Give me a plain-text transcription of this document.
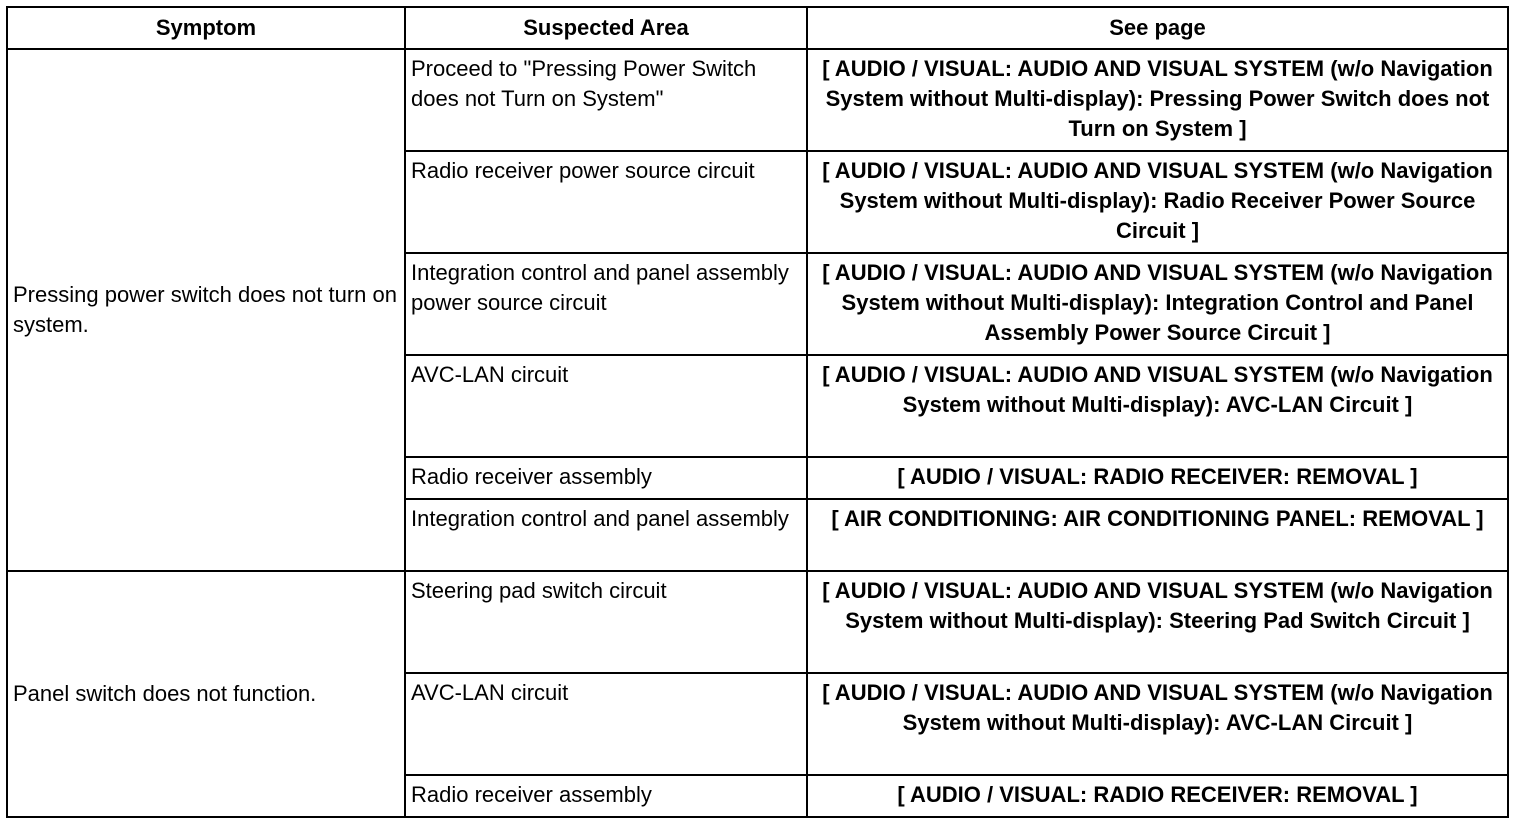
Symptom	Suspected Area	See page
Pressing power switch does not turn on system.	Proceed to "Pressing Power Switch does not Turn on System"	[ AUDIO / VISUAL: AUDIO AND VISUAL SYSTEM (w/o Navigation System without Multi-display): Pressing Power Switch does not Turn on System ]
	Radio receiver power source circuit	[ AUDIO / VISUAL: AUDIO AND VISUAL SYSTEM (w/o Navigation System without Multi-display): Radio Receiver Power Source Circuit ]
	Integration control and panel assembly power source circuit	[ AUDIO / VISUAL: AUDIO AND VISUAL SYSTEM (w/o Navigation System without Multi-display): Integration Control and Panel Assembly Power Source Circuit ]
	AVC-LAN circuit	[ AUDIO / VISUAL: AUDIO AND VISUAL SYSTEM (w/o Navigation System without Multi-display): AVC-LAN Circuit ]
	Radio receiver assembly	[ AUDIO / VISUAL: RADIO RECEIVER: REMOVAL ]
	Integration control and panel assembly	[ AIR CONDITIONING: AIR CONDITIONING PANEL: REMOVAL ]
Panel switch does not function.	Steering pad switch circuit	[ AUDIO / VISUAL: AUDIO AND VISUAL SYSTEM (w/o Navigation System without Multi-display): Steering Pad Switch Circuit ]
	AVC-LAN circuit	[ AUDIO / VISUAL: AUDIO AND VISUAL SYSTEM (w/o Navigation System without Multi-display): AVC-LAN Circuit ]
	Radio receiver assembly	[ AUDIO / VISUAL: RADIO RECEIVER: REMOVAL ]
